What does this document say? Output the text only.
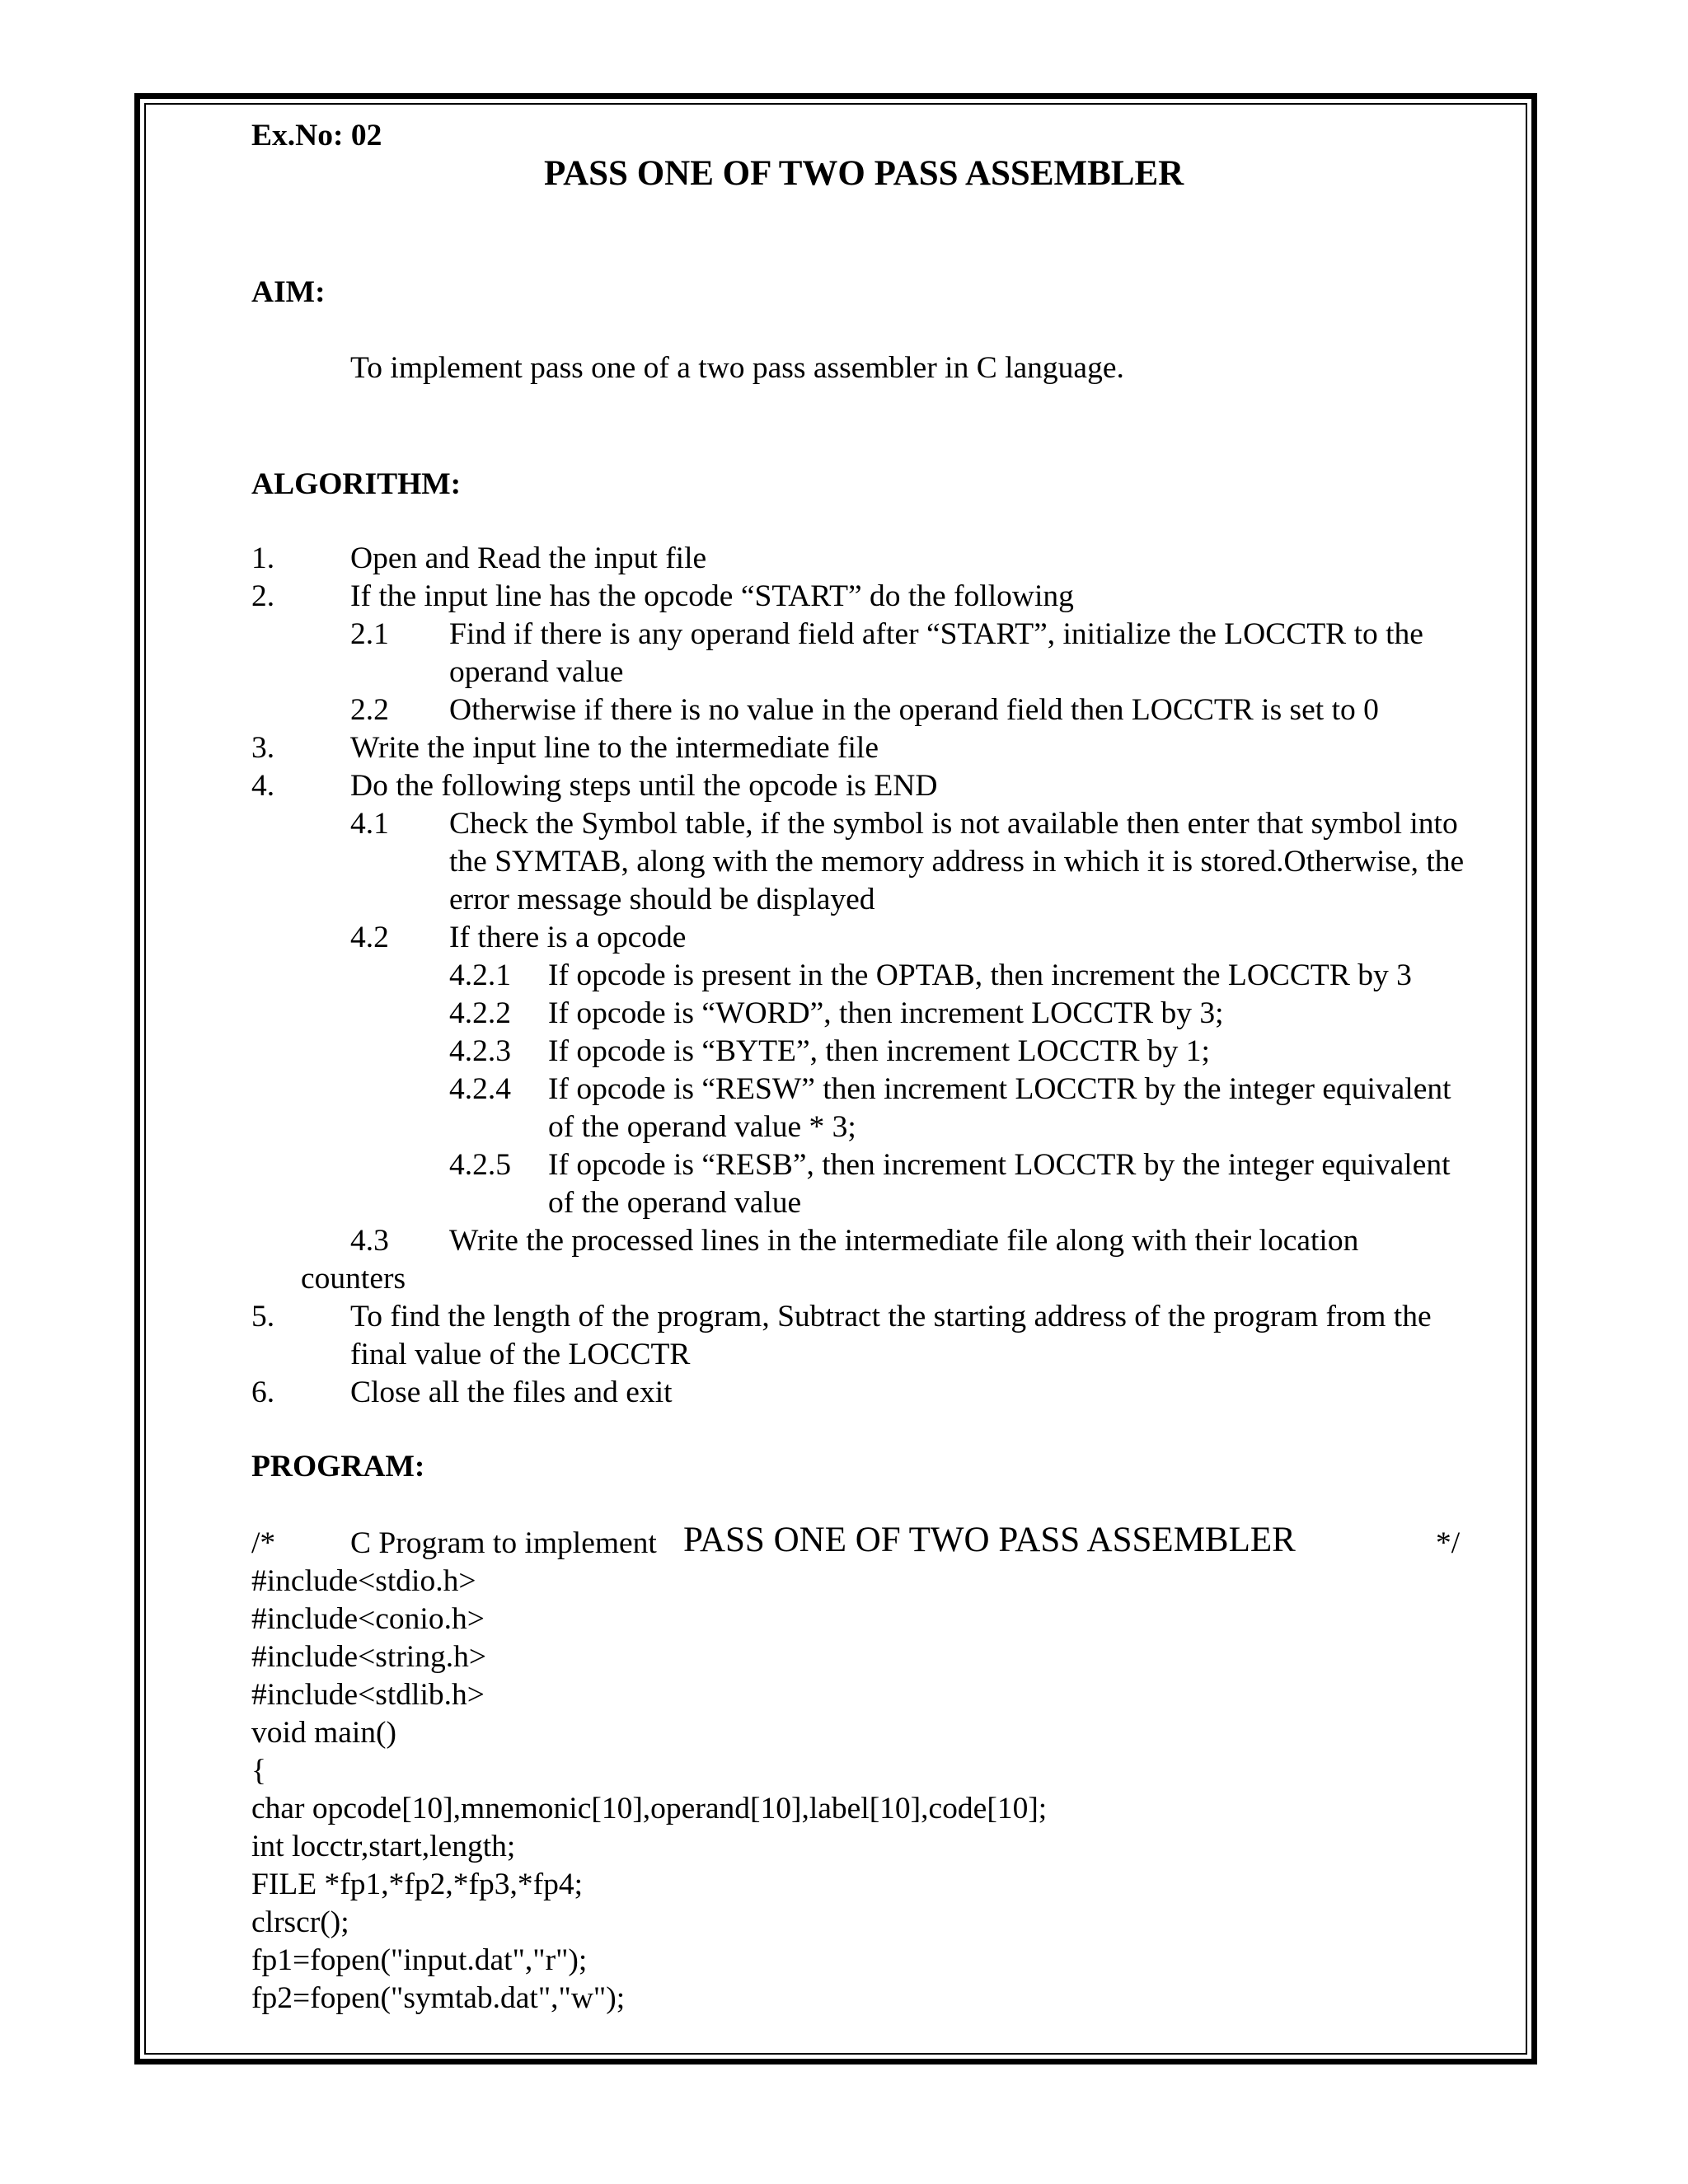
Ex.No: 02
PASS ONE OF TWO PASS ASSEMBLER
AIM:
To implement pass one of a two pass assembler in C language.
ALGORITHM:
1. Open and Read the input file
2. If the input line has the opcode “START” do the following
2.1 Find if there is any operand field after “START”, initialize the LOCCTR to the
operand value
2.2 Otherwise if there is no value in the operand field then LOCCTR is set to 0
3. Write the input line to the intermediate file
4. Do the following steps until the opcode is END
4.1 Check the Symbol table, if the symbol is not available then enter that symbol into
the SYMTAB, along with the memory address in which it is stored.Otherwise, the
error message should be displayed
4.2 If there is a opcode
4.2.1 If opcode is present in the OPTAB, then increment the LOCCTR by 3
4.2.2 If opcode is “WORD”, then increment LOCCTR by 3;
4.2.3 If opcode is “BYTE”, then increment LOCCTR by 1;
4.2.4 If opcode is “RESW” then increment LOCCTR by the integer equivalent
of the operand value * 3;
4.2.5 If opcode is “RESB”, then increment LOCCTR by the integer equivalent
of the operand value
4.3 Write the processed lines in the intermediate file along with their location
counters
5. To find the length of the program, Subtract the starting address of the program from the
final value of the LOCCTR
6. Close all the files and exit
PROGRAM:
/* C Program to implement PASS ONE OF TWO PASS ASSEMBLER	*/
#include<stdio.h>
#include<conio.h>
#include<string.h>
#include<stdlib.h>
void main()
{
char opcode[10],mnemonic[10],operand[10],label[10],code[10];
int locctr,start,length;
FILE *fp1,*fp2,*fp3,*fp4;
clrscr();
fp1=fopen("input.dat","r");
fp2=fopen("symtab.dat","w");
